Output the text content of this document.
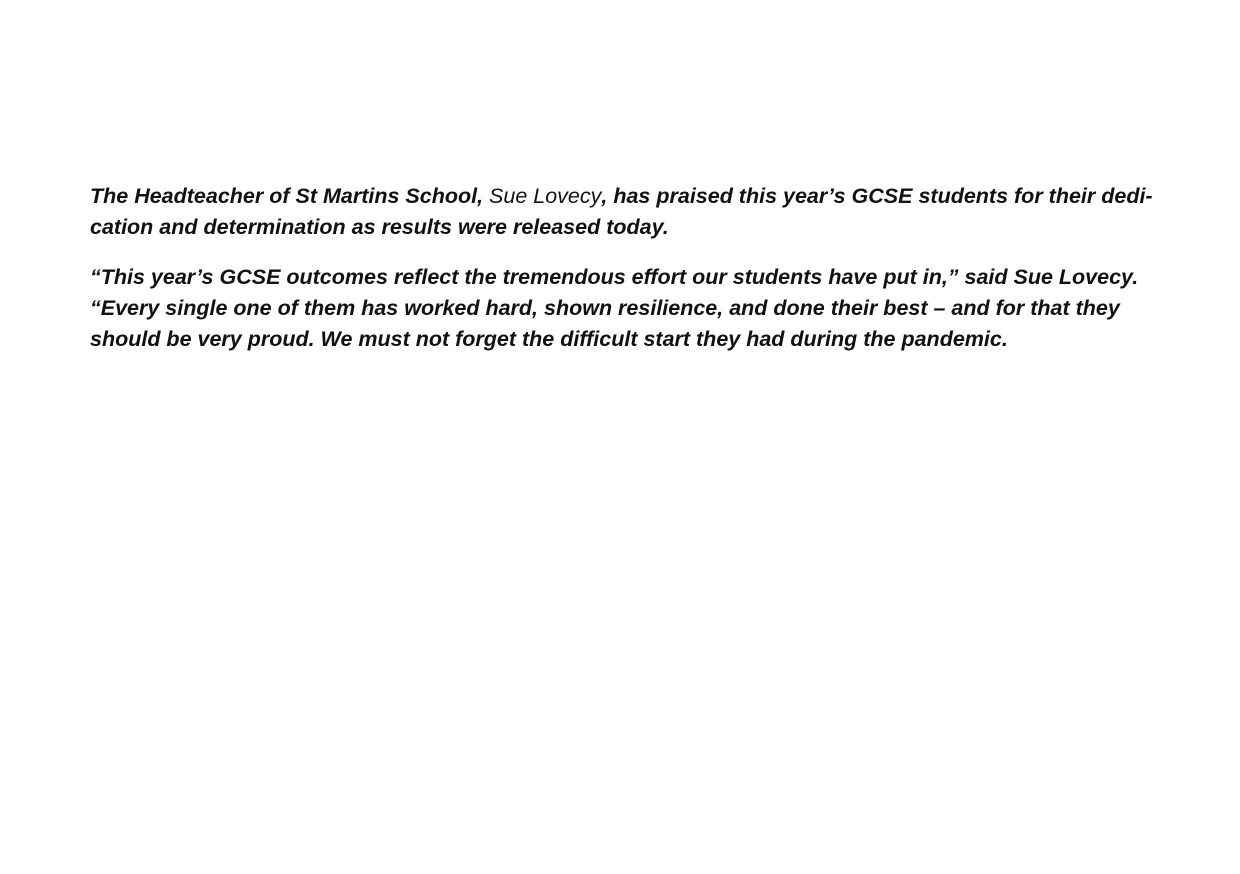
The Headteacher of St Martins School, Sue Lovecy, has praised this year’s GCSE students for their dedi-
cation and determination as results were released today.

“This year’s GCSE outcomes reflect the tremendous effort our students have put in,” said Sue Lovecy.
“Every single one of them has worked hard, shown resilience, and done their best – and for that they
should be very proud. We must not forget the difficult start they had during the pandemic.
